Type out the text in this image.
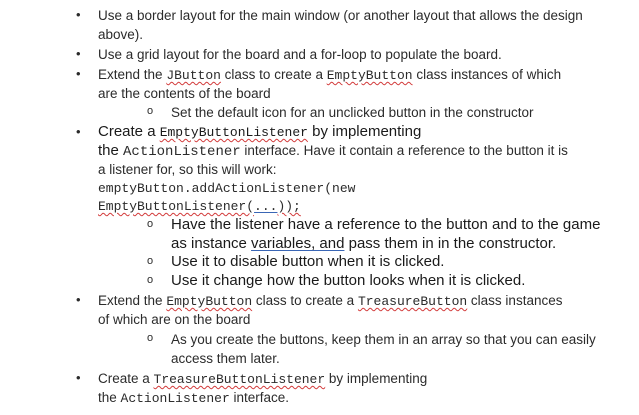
• Use a border layout for the main window (or another layout that allows the design
above).
• Use a grid layout for the board and a for-loop to populate the board.
• Extend the JButton class to create a EmptyButton class instances of which
are the contents of the board
o Set the default icon for an unclicked button in the constructor
• Create a EmptyButtonListener by implementing
the ActionListener interface. Have it contain a reference to the button it is
a listener for, so this will work:
emptyButton.addActionListener(new
EmptyButtonListener(...));
o Have the listener have a reference to the button and to the game
as instance variables, and pass them in in the constructor.
o Use it to disable button when it is clicked.
o Use it change how the button looks when it is clicked.
• Extend the EmptyButton class to create a TreasureButton class instances
of which are on the board
o As you create the buttons, keep them in an array so that you can easily
access them later.
• Create a TreasureButtonListener by implementing
the ActionListener interface.
